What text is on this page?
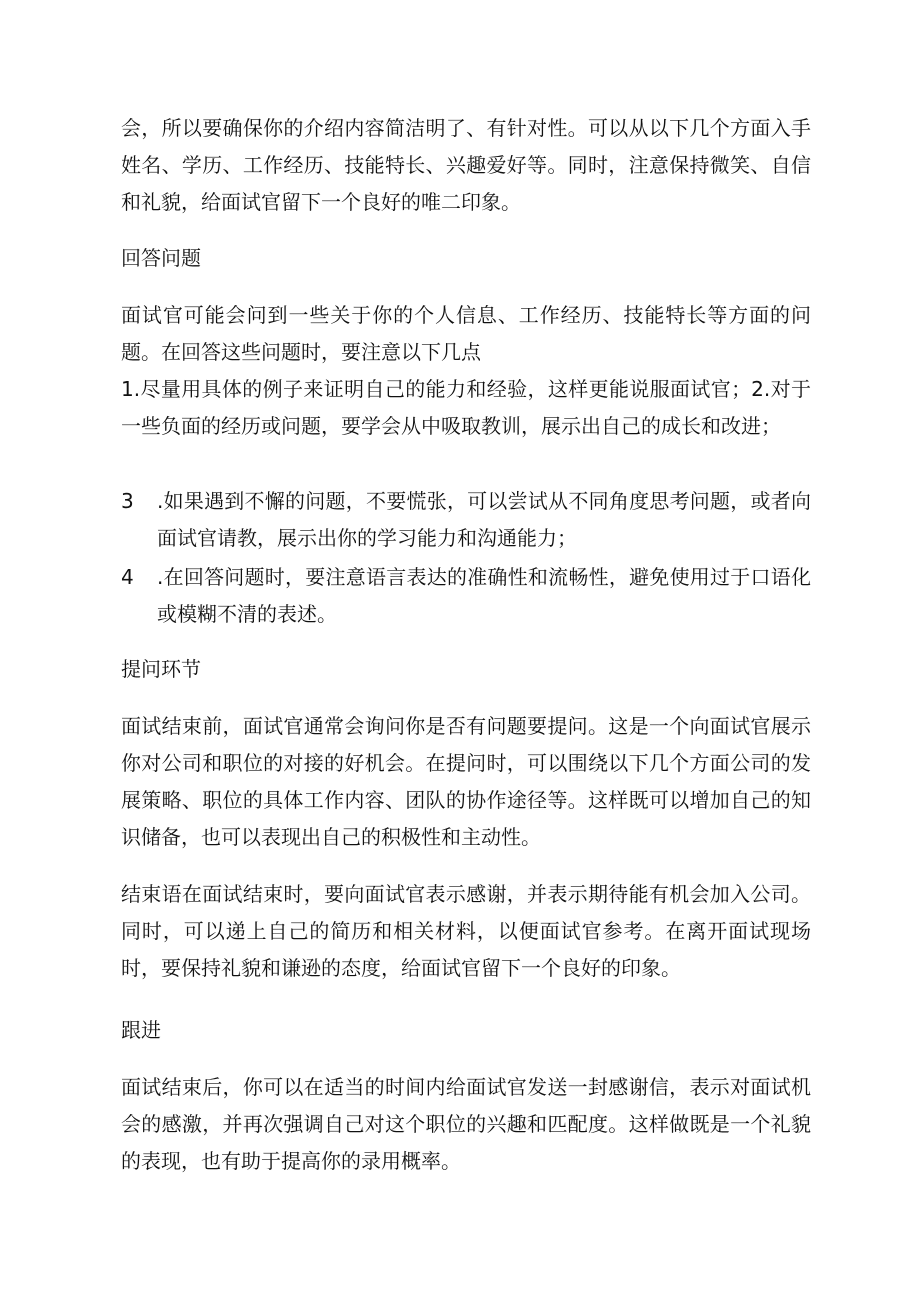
会，所以要确保你的介绍内容简洁明了、有针对性。可以从以下几个方面入手姓名、学历、工作经历、技能特长、兴趣爱好等。同时，注意保持微笑、自信和礼貌，给面试官留下一个良好的唯二印象。

回答问题

面试官可能会问到一些关于你的个人信息、工作经历、技能特长等方面的问题。在回答这些问题时，要注意以下几点

1.尽量用具体的例子来证明自己的能力和经验，这样更能说服面试官；2.对于一些负面的经历或问题，要学会从中吸取教训，展示出自己的成长和改进；

3	.如果遇到不懈的问题，不要慌张，可以尝试从不同角度思考问题，或者向面试官请教，展示出你的学习能力和沟通能力；
4	.在回答问题时，要注意语言表达的准确性和流畅性，避免使用过于口语化或模糊不清的表述。
提问环节

面试结束前，面试官通常会询问你是否有问题要提问。这是一个向面试官展示你对公司和职位的对接的好机会。在提问时，可以围绕以下几个方面公司的发展策略、职位的具体工作内容、团队的协作途径等。这样既可以增加自己的知识储备，也可以表现出自己的积极性和主动性。

结束语在面试结束时，要向面试官表示感谢，并表示期待能有机会加入公司。同时，可以递上自己的简历和相关材料，以便面试官参考。在离开面试现场时，要保持礼貌和谦逊的态度，给面试官留下一个良好的印象。

跟进

面试结束后，你可以在适当的时间内给面试官发送一封感谢信，表示对面试机会的感激，并再次强调自己对这个职位的兴趣和匹配度。这样做既是一个礼貌的表现，也有助于提高你的录用概率。
